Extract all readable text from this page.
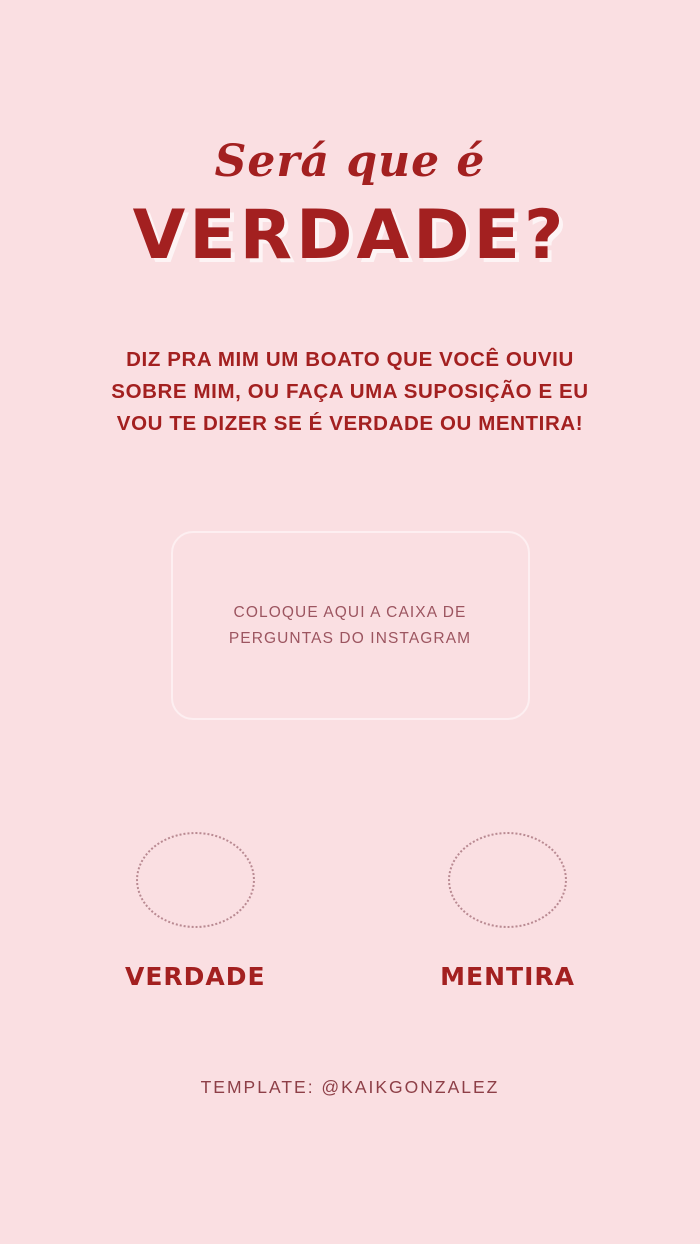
Será que é
VERDADE?
DIZ PRA MIM UM BOATO QUE VOCÊ OUVIU SOBRE MIM, OU FAÇA UMA SUPOSIÇÃO E EU VOU TE DIZER SE É VERDADE OU MENTIRA!
COLOQUE AQUI A CAIXA DE PERGUNTAS DO INSTAGRAM
VERDADE	MENTIRA
TEMPLATE: @KAIKGONZALEZ
